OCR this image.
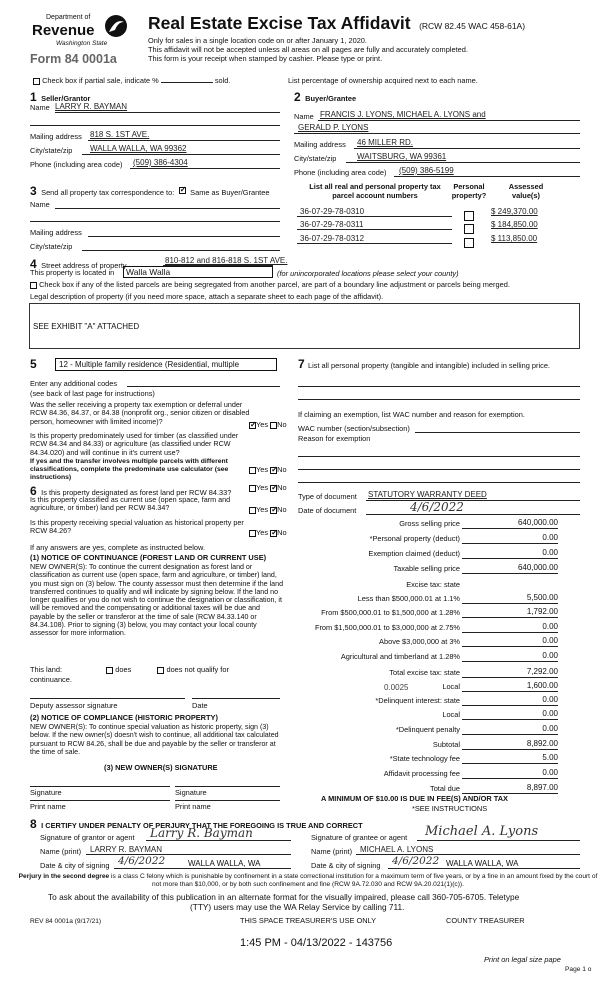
Department of
Revenue
Washington State
Form 84 0001a
Real Estate Excise Tax Affidavit (RCW 82.45 WAC 458-61A)
Only for sales in a single location code on or after January 1, 2020.
This affidavit will not be accepted unless all areas on all pages are fully and accurately completed.
This form is your receipt when stamped by cashier. Please type or print.
Check box if partial sale, indicate %	sold.	List percentage of ownership acquired next to each name.
1 Seller/Grantor
Name LARRY R. BAYMAN
Mailing address 818 S. 1ST AVE.
City/state/zip WALLA WALLA, WA 99362
Phone (including area code) (509) 386-4304
2 Buyer/Grantee
Name FRANCIS J. LYONS, MICHAEL A. LYONS and
GERALD P. LYONS
Mailing address 46 MILLER RD.
City/state/zip	WAITSBURG, WA 99361
Phone (including area code) (509) 386-5199
3 Send all property tax correspondence to: ✓ Same as Buyer/Grantee
Name
Mailing address
City/state/zip
List all real and personal property tax parcel account numbers
Personal property?
Assessed value(s)
36-07-29-78-0310	$ 249,370.00
36-07-29-78-0311	$ 184,850.00
36-07-29-78-0312	$ 113,850.00
4 Street address of property
810-812 and 816-818 S. 1ST AVE.
This property is located in	Walla Walla	(for unincorporated locations please select your county)
Check box if any of the listed parcels are being segregated from another parcel, are part of a boundary line adjustment or parcels being merged.
Legal description of property (if you need more space, attach a separate sheet to each page of the affidavit).
SEE EXHIBIT "A" ATTACHED
5	12 - Multiple family residence (Residential, multiple
Enter any additional codes
(see back of last page for instructions)
Was the seller receiving a property tax exemption or deferral under RCW 84.36, 84.37, or 84.38 (nonprofit org., senior citizen or disabled person, homeowner with limited income)?	✓ Yes No
Is this property predominately used for timber (as classified under RCW 84.34 and 84.33) or agriculture (as classified under RCW 84.34.020) and will continue in it's current use?
If yes and the transfer involves multiple parcels with different classifications, complete the predominate use calculator (see instructions)
Yes ✓ No
7 List all personal property (tangible and intangible) included in selling price.
If claiming an exemption, list WAC number and reason for exemption.
WAC number (section/subsection)
Reason for exemption
Type of document STATUTORY WARRANTY DEED
Date of document	4/6/2022
6 Is this property designated as forest land per RCW 84.33?
Yes ✓ No
Is this property classified as current use (open space, farm and agriculture, or timber) land per RCW 84.34?	Yes ✓ No
Is this property receiving special valuation as historical property per RCW 84.26?	Yes ✓ No
If any answers are yes, complete as instructed below.
(1) NOTICE OF CONTINUANCE (FOREST LAND OR CURRENT USE)
NEW OWNER(S): To continue the current designation as forest land or classification as current use (open space, farm and agriculture, or timber) land, you must sign on (3) below. The county assessor must then determine if the land transferred continues to qualify and will indicate by signing below. If the land no longer qualifies or you do not wish to continue the designation or classification, it will be removed and the compensating or additional taxes will be due and payable by the seller or transferor at the time of sale (RCW 84.33.140 or 84.34.108). Prior to signing (3) below, you may contact your local county assessor for more information.
This land:	does	does not qualify for
continuance.
Deputy assessor signature	Date
(2) NOTICE OF COMPLIANCE (HISTORIC PROPERTY)
NEW OWNER(S): To continue special valuation as historic property, sign (3) below. If the new owner(s) doesn't wish to continue, all additional tax calculated pursuant to RCW 84.26, shall be due and payable by the seller or transferor at the time of sale.
(3) NEW OWNER(S) SIGNATURE
Signature	Signature
Print name	Print name
Gross selling price	640,000.00
*Personal property (deduct)	0.00
Exemption claimed (deduct)	0.00
Taxable selling price	640,000.00
Excise tax: state
Less than $500,000.01 at 1.1%	5,500.00
From $500,000.01 to $1,500,000 at 1.28%	1,792.00
From $1,500,000.01 to $3,000,000 at 2.75%	0.00
Above $3,000,000 at 3%	0.00
Agricultural and timberland at 1.28%	0.00
Total excise tax: state	7,292.00
Local
0.0025	1,600.00
*Delinquent interest: state	0.00
Local	0.00
*Delinquent penalty	0.00
Subtotal	8,892.00
*State technology fee	5.00
Affidavit processing fee	0.00
Total due	8,897.00
A MINIMUM OF $10.00 IS DUE IN FEE(S) AND/OR TAX
*SEE INSTRUCTIONS
8 I CERTIFY UNDER PENALTY OF PERJURY THAT THE FOREGOING IS TRUE AND CORRECT
Signature of grantor or agent Larry R. Bayman
Name (print) LARRY R. BAYMAN
Date & city of signing 4/6/2022	WALLA WALLA, WA
Signature of grantee or agent Michael A. Lyons
Name (print) MICHAEL A. LYONS
Date & city of signing 4/6/2022 WALLA WALLA, WA
Perjury in the second degree is a class C felony which is punishable by confinement in a state correctional institution for a maximum term of five years, or by a fine in an amount fixed by the court of not more than $10,000, or by both such confinement and fine (RCW 9A.72.030 and RCW 9A.20.021(1)(c)).
To ask about the availability of this publication in an alternate format for the visually impaired, please call 360-705-6705. Teletype
(TTY) users may use the WA Relay Service by calling 711.
REV 84 0001a (9/17/21)	THIS SPACE TREASURER'S USE ONLY	COUNTY TREASURER
1:45 PM - 04/13/2022 - 143756
Print on legal size pape
Page 1 o
